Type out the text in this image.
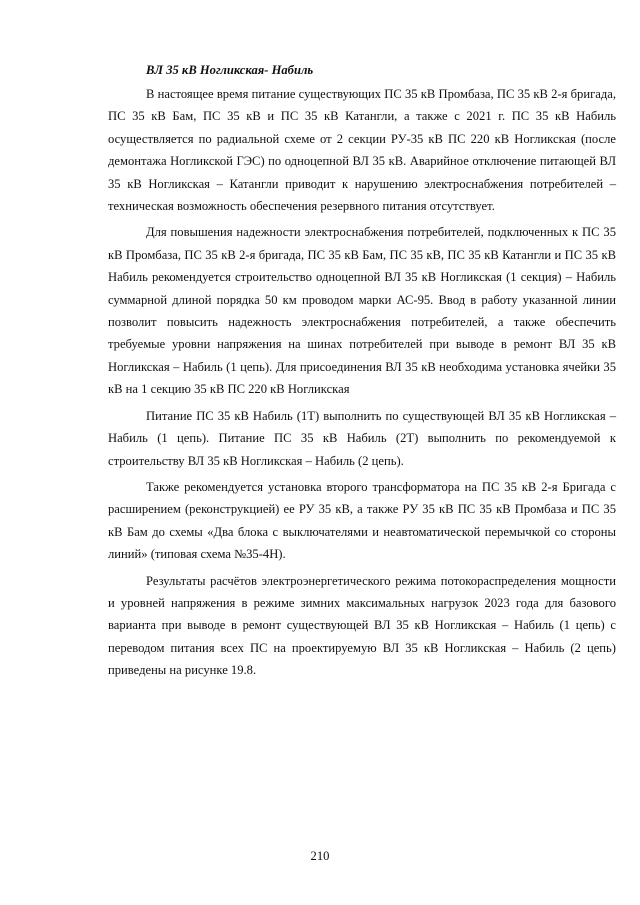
ВЛ 35 кВ Ногликская- Набиль

В настоящее время питание существующих ПС 35 кВ Промбаза, ПС 35 кВ 2-я бригада, ПС 35 кВ Бам, ПС 35 кВ и ПС 35 кВ Катангли, а также с 2021 г. ПС 35 кВ Набиль осуществляется по радиальной схеме от 2 секции РУ-35 кВ ПС 220 кВ Ногликская (после демонтажа Ногликской ГЭС) по одноцепной ВЛ 35 кВ. Аварийное отключение питающей ВЛ 35 кВ Ногликская – Катангли приводит к нарушению электроснабжения потребителей – техническая возможность обеспечения резервного питания отсутствует.

Для повышения надежности электроснабжения потребителей, подключенных к ПС 35 кВ Промбаза, ПС 35 кВ 2-я бригада, ПС 35 кВ Бам, ПС 35 кВ, ПС 35 кВ Катангли и ПС 35 кВ Набиль рекомендуется строительство одноцепной ВЛ 35 кВ Ногликская (1 секция) – Набиль суммарной длиной порядка 50 км проводом марки АС-95. Ввод в работу указанной линии позволит повысить надежность электроснабжения потребителей, а также обеспечить требуемые уровни напряжения на шинах потребителей при выводе в ремонт ВЛ 35 кВ Ногликская – Набиль (1 цепь). Для присоединения ВЛ 35 кВ необходима установка ячейки 35 кВ на 1 секцию 35 кВ ПС 220 кВ Ногликская

Питание ПС 35 кВ Набиль (1Т) выполнить по существующей ВЛ 35 кВ Ногликская – Набиль (1 цепь). Питание ПС 35 кВ Набиль (2Т) выполнить по рекомендуемой к строительству ВЛ 35 кВ Ногликская – Набиль (2 цепь).

Также рекомендуется установка второго трансформатора на ПС 35 кВ 2-я Бригада с расширением (реконструкцией) ее РУ 35 кВ, а также РУ 35 кВ ПС 35 кВ Промбаза и ПС 35 кВ Бам до схемы «Два блока с выключателями и неавтоматической перемычкой со стороны линий» (типовая схема №35-4Н).

Результаты расчётов электроэнергетического режима потокораспределения мощности и уровней напряжения в режиме зимних максимальных нагрузок 2023 года для базового варианта при выводе в ремонт существующей ВЛ 35 кВ Ногликская – Набиль (1 цепь) с переводом питания всех ПС на проектируемую ВЛ 35 кВ Ногликская – Набиль (2 цепь) приведены на рисунке 19.8.

210
